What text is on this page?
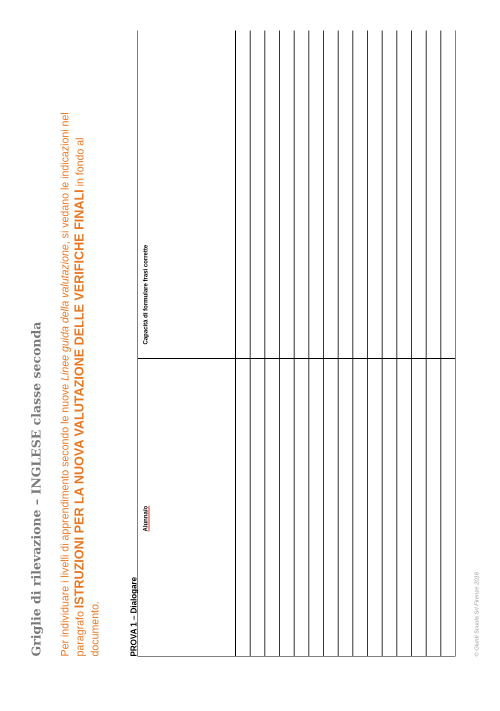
Griglie di rilevazione – INGLESE classe seconda Per individuare i livelli di apprendimento secondo le nuove Linee guida della valutazione, si vedano le indicazioni nel paragrafo ISTRUZIONI PER LA NUOVA VALUTAZIONE DELLE VERIFICHE FINALI in fondo al documento.	PROVA 1 – Dialogare
Alunna/o
Capacità di formulare frasi corrette
© Giunti Scuola Srl Firenze 2016
